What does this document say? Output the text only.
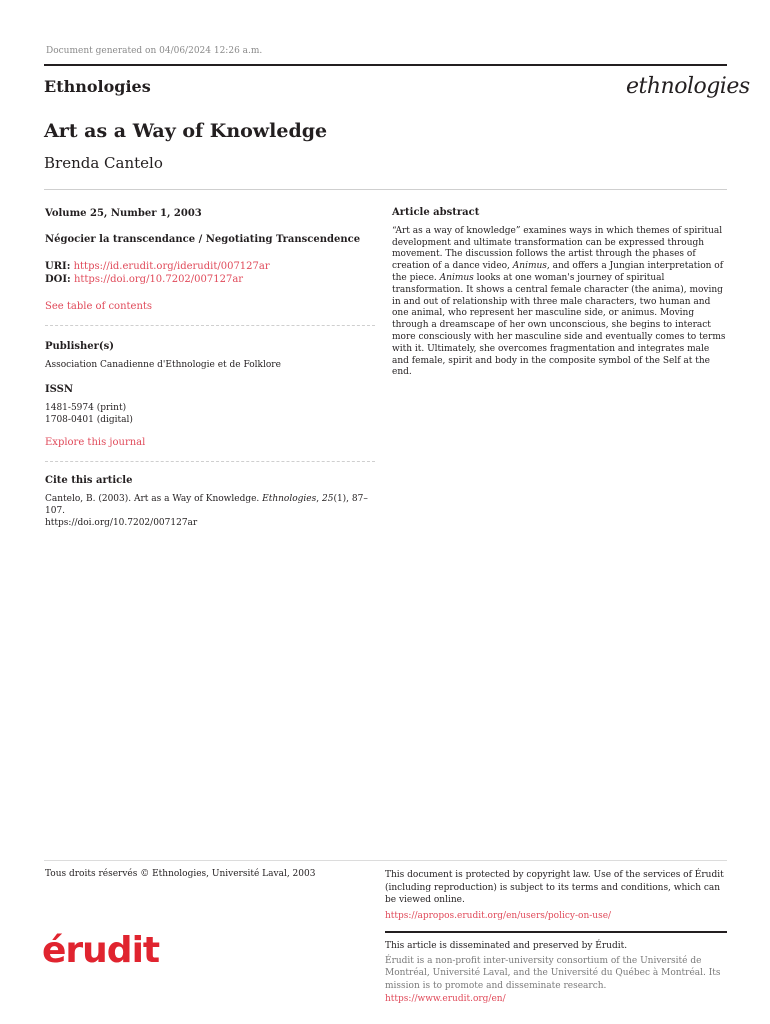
Document generated on 04/06/2024 12:26 a.m.
Ethnologies	ethnologies
Art as a Way of Knowledge
Brenda Cantelo

Volume 25, Number 1, 2003

Négocier la transcendance / Negotiating Transcendence

URI: https://id.erudit.org/iderudit/007127ar

DOI: https://doi.org/10.7202/007127ar

See table of contents

Publisher(s)

Association Canadienne d'Ethnologie et de Folklore

ISSN

1481-5974 (print)

1708-0401 (digital)

Explore this journal

Cite this article

Cantelo, B. (2003). Art as a Way of Knowledge. Ethnologies, 25(1), 87–107.
https://doi.org/10.7202/007127ar

Article abstract

“Art as a way of knowledge” examines ways in which themes of spiritual development and ultimate transformation can be expressed through movement. The discussion follows the artist through the phases of creation of a dance video, Animus, and offers a Jungian interpretation of the piece. Animus looks at one woman's journey of spiritual transformation. It shows a central female character (the anima), moving in and out of relationship with three male characters, two human and one animal, who represent her masculine side, or animus. Moving through a dreamscape of her own unconscious, she begins to interact more consciously with her masculine side and eventually comes to terms with it. Ultimately, she overcomes fragmentation and integrates male and female, spirit and body in the composite symbol of the Self at the end.

Tous droits réservés © Ethnologies, Université Laval, 2003	This document is protected by copyright law. Use of the services of Érudit (including reproduction) is subject to its terms and conditions, which can be viewed online.

https://apropos.erudit.org/en/users/policy-on-use/

érudit	This article is disseminated and preserved by Érudit.

Érudit is a non-profit inter-university consortium of the Université de Montréal, Université Laval, and the Université du Québec à Montréal. Its mission is to promote and disseminate research.

https://www.erudit.org/en/
